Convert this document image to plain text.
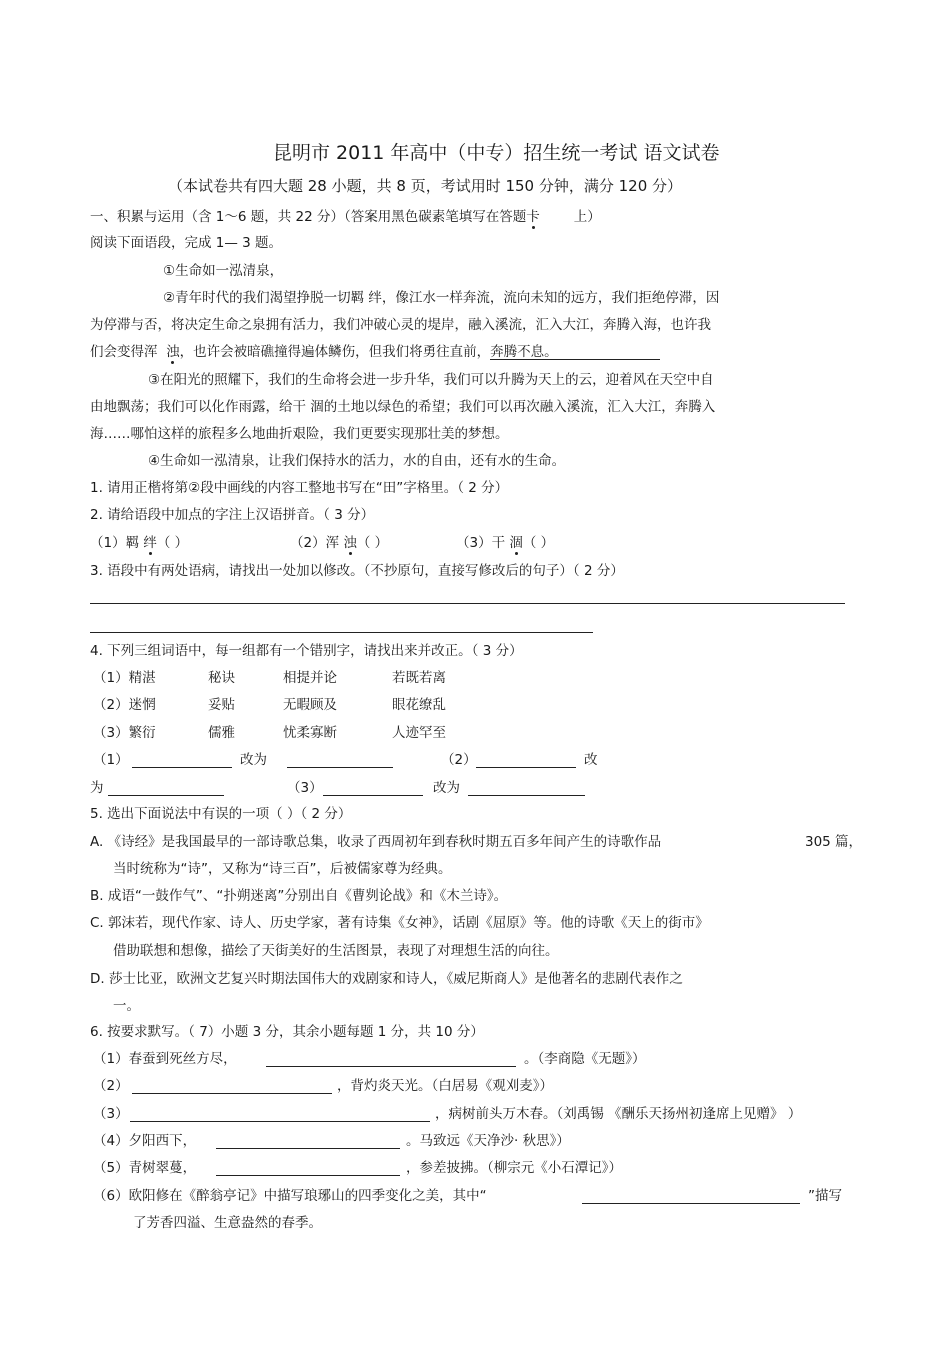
昆明市 2011 年高中（中专）招生统一考试 语文试卷
（本试卷共有四大题 28 小题，共 8 页，考试用时 150 分钟，满分 120 分）
一、积累与运用（含 1～6 题，共 22 分）（答案用黑色碳素笔填写在答题卡	上）
阅读下面语段，完成 1— 3 题。
①生命如一泓清泉，
②青年时代的我们渴望挣脱一切羁 绊，像江水一样奔流，流向未知的远方，我们拒绝停滞，因
为停滞与否，将决定生命之泉拥有活力，我们冲破心灵的堤岸，融入溪流，汇入大江，奔腾入海，也许我
们会变得浑 浊，也许会被暗礁撞得遍体鳞伤，但我们将勇往直前，奔腾不息。
③在阳光的照耀下，我们的生命将会进一步升华，我们可以升腾为天上的云，迎着风在天空中自
由地飘荡；我们可以化作雨露，给干 涸的土地以绿色的希望；我们可以再次融入溪流，汇入大江，奔腾入
海……哪怕这样的旅程多么地曲折艰险，我们更要实现那壮美的梦想。
④生命如一泓清泉，让我们保持水的活力，水的自由，还有水的生命。
1. 请用正楷将第②段中画线的内容工整地书写在“田”字格里。（ 2 分）
2. 请给语段中加点的字注上汉语拼音。（ 3 分）
（1）羁 绊（ ）	（2）浑 浊（ ）	（3）干 涸（ ）
3. 语段中有两处语病，请找出一处加以修改。（不抄原句，直接写修改后的句子）（ 2 分）
4. 下列三组词语中，每一组都有一个错别字，请找出来并改正。（ 3 分）
（1）精湛	秘诀	相提并论	若既若离
（2）迷惘	妥贴	无暇顾及	眼花缭乱
（3）繁衍	儒雅	忧柔寡断	人迹罕至
（1）	改为	（2）	改
为	（3）	改为
5. 选出下面说法中有误的一项（ ）（ 2 分）
A. 《诗经》是我国最早的一部诗歌总集，收录了西周初年到春秋时期五百多年间产生的诗歌作品	305 篇，
当时统称为“诗”，又称为“诗三百”，后被儒家尊为经典。
B. 成语“一鼓作气”、“扑朔迷离”分别出自《曹刿论战》和《木兰诗》。
C. 郭沫若，现代作家、诗人、历史学家，著有诗集《女神》，话剧《屈原》等。他的诗歌《天上的街市》
借助联想和想像，描绘了天街美好的生活图景，表现了对理想生活的向往。
D. 莎士比亚，欧洲文艺复兴时期法国伟大的戏剧家和诗人，《威尼斯商人》是他著名的悲剧代表作之
一。
6. 按要求默写。（ 7）小题 3 分，其余小题每题 1 分，共 10 分）
（1）春蚕到死丝方尽，	。（李商隐《无题》）
（2）	，背灼炎天光。（白居易《观刈麦》）
（3）	，病树前头万木春。（刘禹锡 《酬乐天扬州初逢席上见赠》 ）
（4）夕阳西下，	。马致远《天净沙· 秋思》）
（5）青树翠蔓，	，参差披拂。（柳宗元《小石潭记》）
（6）欧阳修在《醉翁亭记》中描写琅琊山的四季变化之美，其中“	”描写
了芳香四溢、生意盎然的春季。
